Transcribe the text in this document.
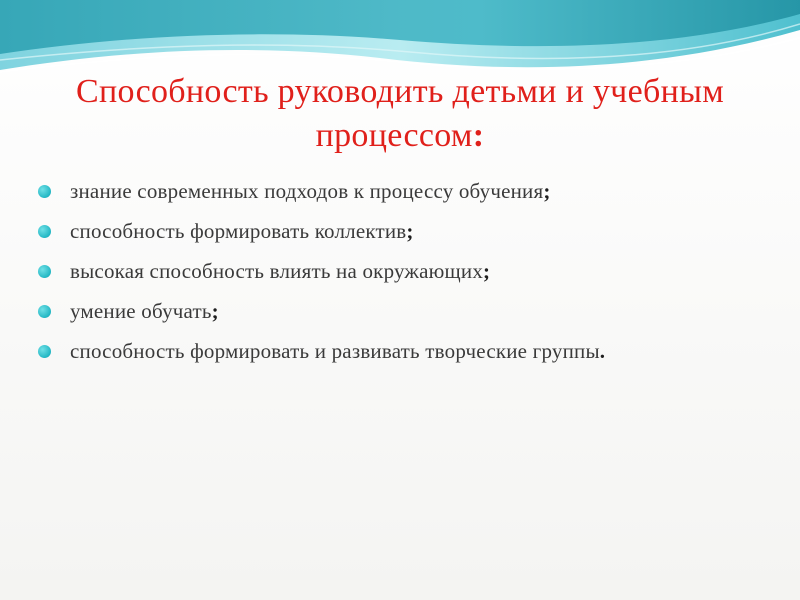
Способность руководить детьми и учебным процессом:
знание современных подходов к процессу обучения;
способность формировать коллектив;
высокая способность влиять на окружающих;
умение обучать;
способность формировать и развивать творческие группы.
